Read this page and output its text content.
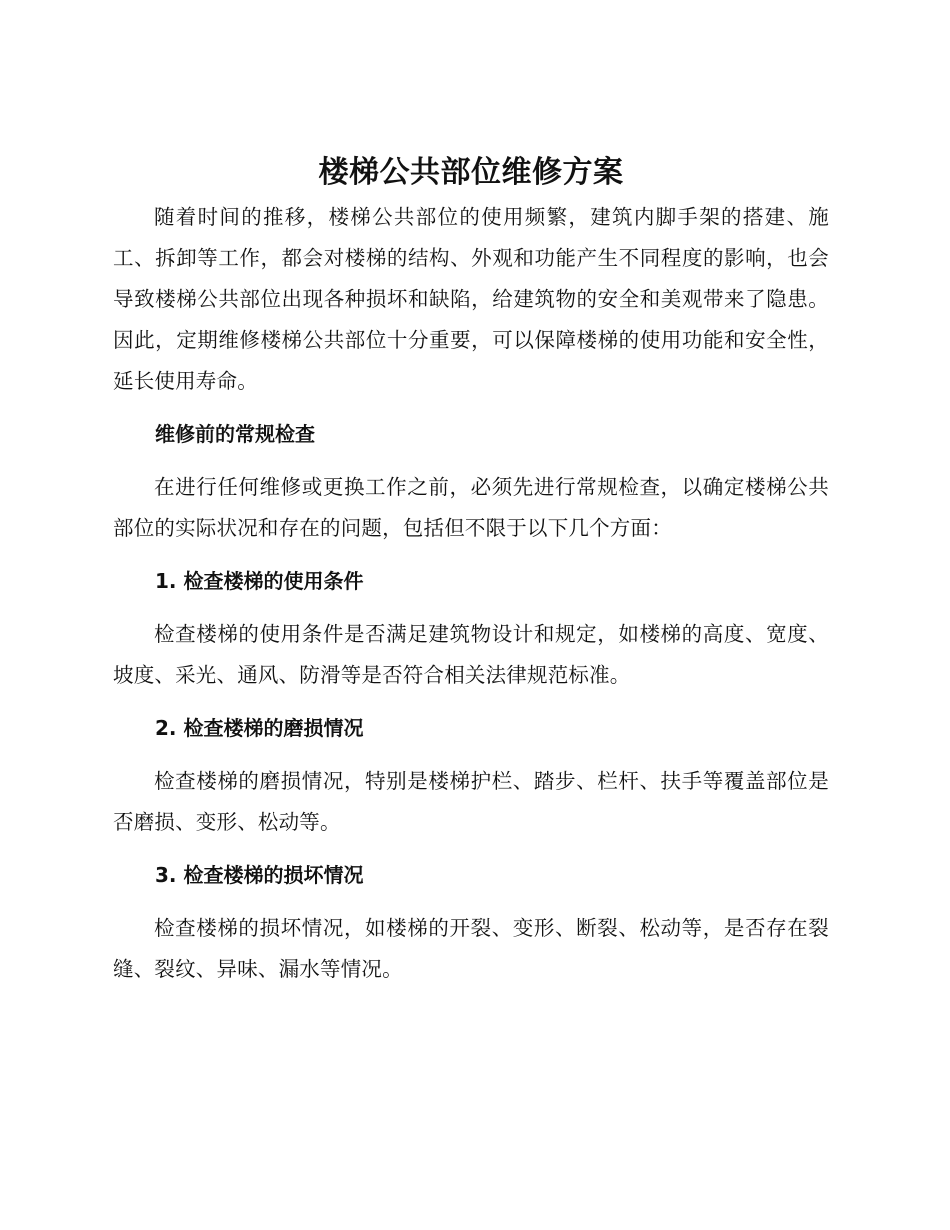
楼梯公共部位维修方案

随着时间的推移，楼梯公共部位的使用频繁，建筑内脚手架的搭建、施工、拆卸等工作，都会对楼梯的结构、外观和功能产生不同程度的影响，也会导致楼梯公共部位出现各种损坏和缺陷，给建筑物的安全和美观带来了隐患。因此，定期维修楼梯公共部位十分重要，可以保障楼梯的使用功能和安全性，延长使用寿命。

维修前的常规检查

在进行任何维修或更换工作之前，必须先进行常规检查，以确定楼梯公共部位的实际状况和存在的问题，包括但不限于以下几个方面：

1. 检查楼梯的使用条件

检查楼梯的使用条件是否满足建筑物设计和规定，如楼梯的高度、宽度、坡度、采光、通风、防滑等是否符合相关法律规范标准。

2. 检查楼梯的磨损情况

检查楼梯的磨损情况，特别是楼梯护栏、踏步、栏杆、扶手等覆盖部位是否磨损、变形、松动等。

3. 检查楼梯的损坏情况

检查楼梯的损坏情况，如楼梯的开裂、变形、断裂、松动等，是否存在裂缝、裂纹、异味、漏水等情况。
